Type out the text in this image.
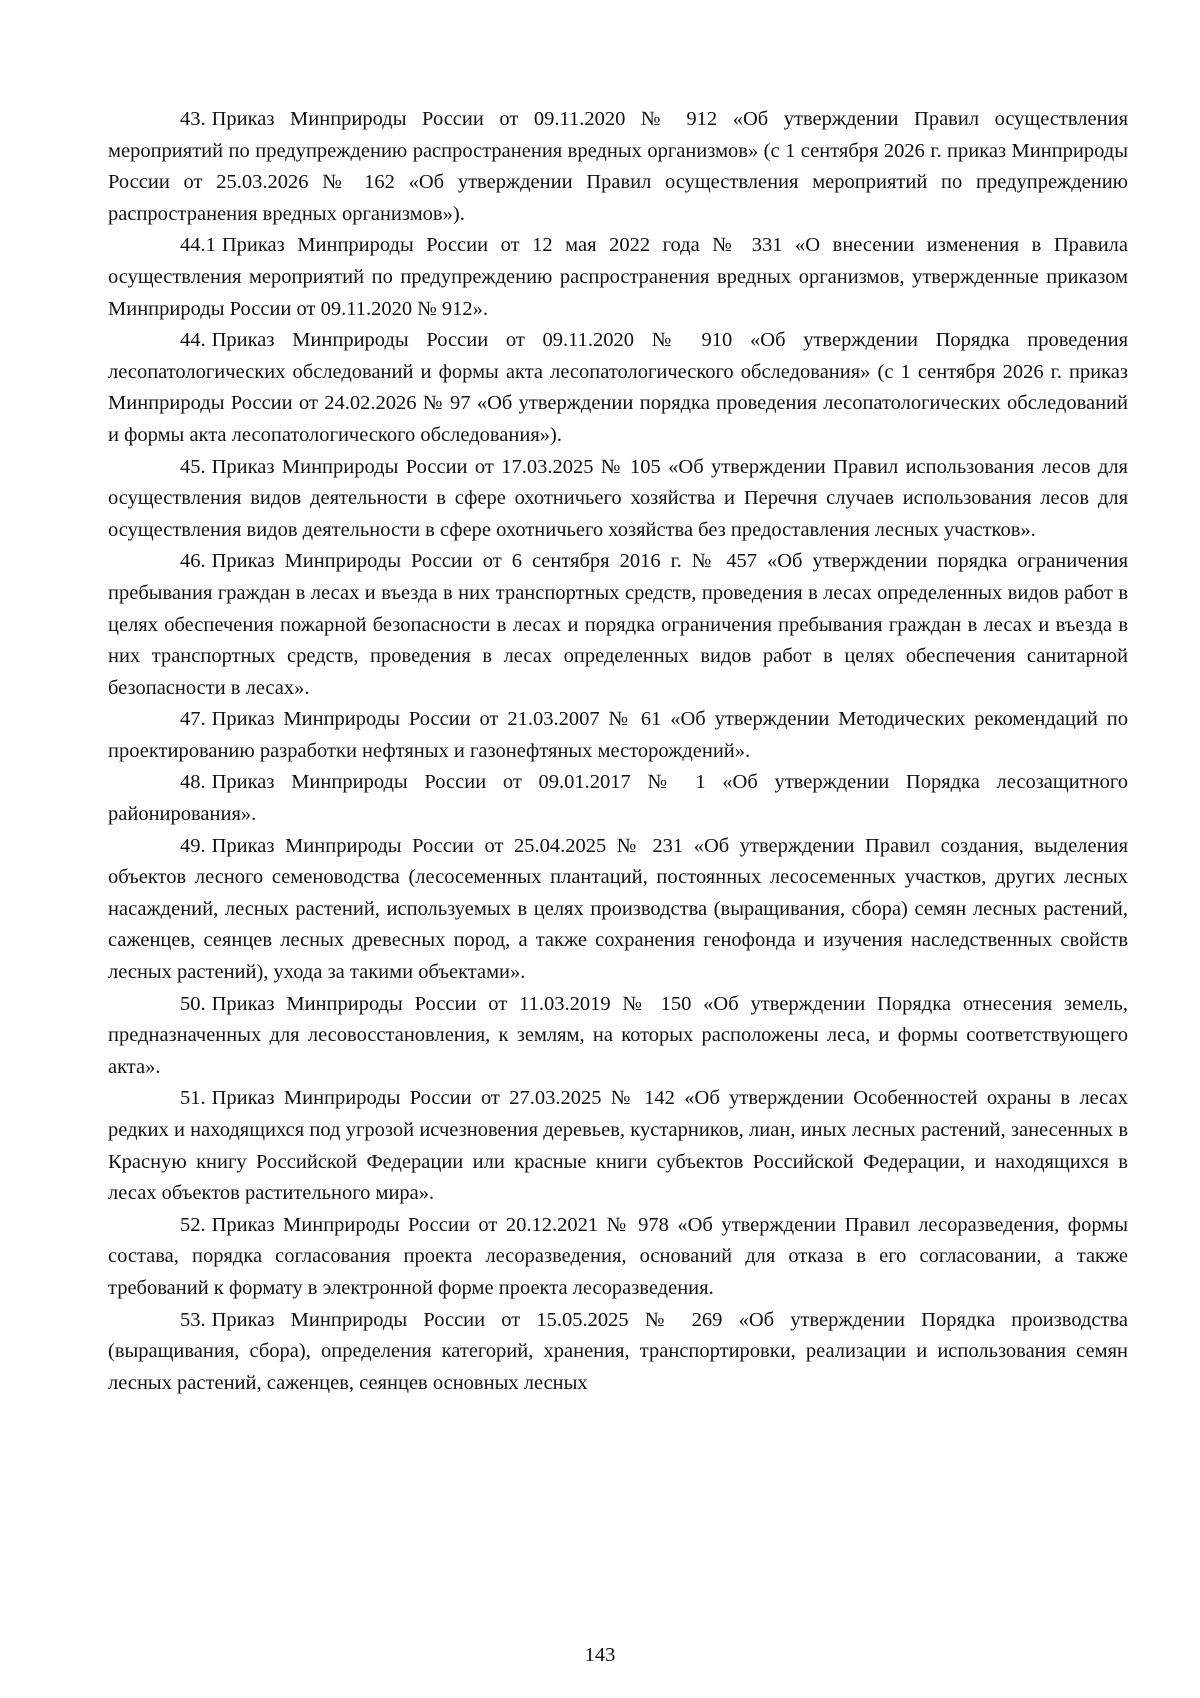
43. Приказ Минприроды России от 09.11.2020 № 912 «Об утверждении Правил осуществления мероприятий по предупреждению распространения вредных организмов» (с 1 сентября 2026 г. приказ Минприроды России от 25.03.2026 № 162 «Об утверждении Правил осуществления мероприятий по предупреждению распространения вредных организмов»).

44.1 Приказ Минприроды России от 12 мая 2022 года № 331 «О внесении изменения в Правила осуществления мероприятий по предупреждению распространения вредных организмов, утвержденные приказом Минприроды России от 09.11.2020 № 912».

44. Приказ Минприроды России от 09.11.2020 № 910 «Об утверждении Порядка проведения лесопатологических обследований и формы акта лесопатологического обследования» (с 1 сентября 2026 г. приказ Минприроды России от 24.02.2026 № 97 «Об утверждении порядка проведения лесопатологических обследований и формы акта лесопатологического обследования»).

45. Приказ Минприроды России от 17.03.2025 № 105 «Об утверждении Правил использования лесов для осуществления видов деятельности в сфере охотничьего хозяйства и Перечня случаев использования лесов для осуществления видов деятельности в сфере охотничьего хозяйства без предоставления лесных участков».

46. Приказ Минприроды России от 6 сентября 2016 г. № 457 «Об утверждении порядка ограничения пребывания граждан в лесах и въезда в них транспортных средств, проведения в лесах определенных видов работ в целях обеспечения пожарной безопасности в лесах и порядка ограничения пребывания граждан в лесах и въезда в них транспортных средств, проведения в лесах определенных видов работ в целях обеспечения санитарной безопасности в лесах».

47. Приказ Минприроды России от 21.03.2007 № 61 «Об утверждении Методических рекомендаций по проектированию разработки нефтяных и газонефтяных месторождений».

48. Приказ Минприроды России от 09.01.2017 № 1 «Об утверждении Порядка лесозащитного районирования».

49. Приказ Минприроды России от 25.04.2025 № 231 «Об утверждении Правил создания, выделения объектов лесного семеноводства (лесосеменных плантаций, постоянных лесосеменных участков, других лесных насаждений, лесных растений, используемых в целях производства (выращивания, сбора) семян лесных растений, саженцев, сеянцев лесных древесных пород, а также сохранения генофонда и изучения наследственных свойств лесных растений), ухода за такими объектами».

50. Приказ Минприроды России от 11.03.2019 № 150 «Об утверждении Порядка отнесения земель, предназначенных для лесовосстановления, к землям, на которых расположены леса, и формы соответствующего акта».

51. Приказ Минприроды России от 27.03.2025 № 142 «Об утверждении Особенностей охраны в лесах редких и находящихся под угрозой исчезновения деревьев, кустарников, лиан, иных лесных растений, занесенных в Красную книгу Российской Федерации или красные книги субъектов Российской Федерации, и находящихся в лесах объектов растительного мира».

52. Приказ Минприроды России от 20.12.2021 № 978 «Об утверждении Правил лесоразведения, формы состава, порядка согласования проекта лесоразведения, оснований для отказа в его согласовании, а также требований к формату в электронной форме проекта лесоразведения.

53. Приказ Минприроды России от 15.05.2025 № 269 «Об утверждении Порядка производства (выращивания, сбора), определения категорий, хранения, транспортировки, реализации и использования семян лесных растений, саженцев, сеянцев основных лесных

143
